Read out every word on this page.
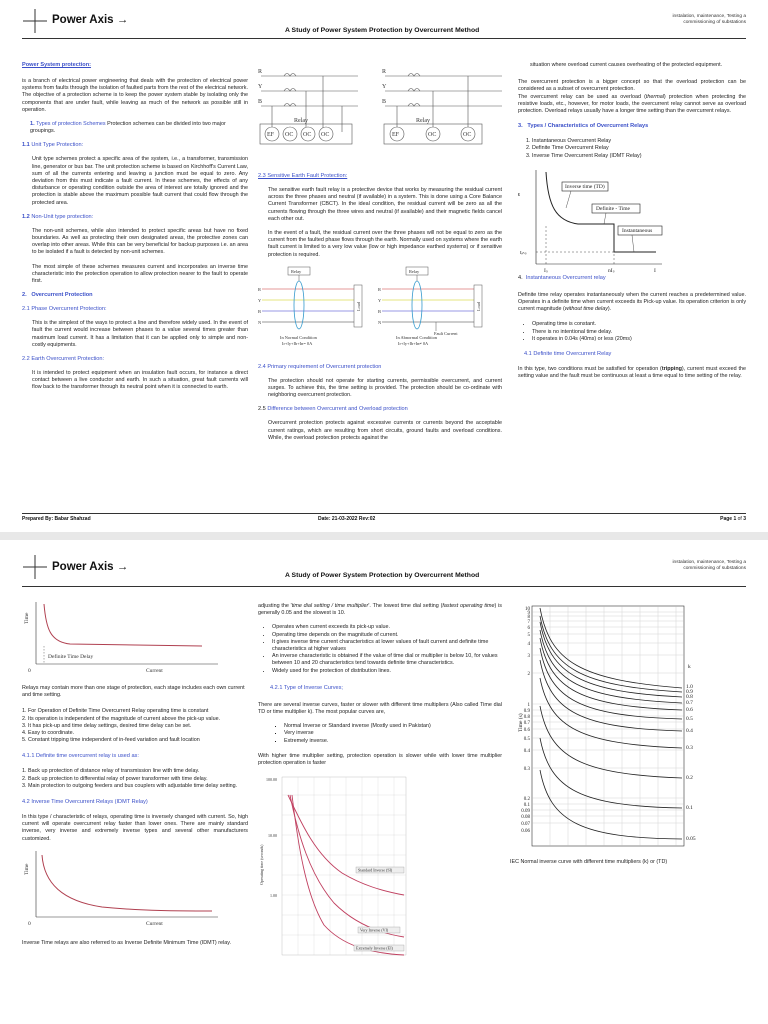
Power Axis →
A Study of Power System Protection by Overcurrent Method
instalation, maintenance, Testing a
commissioning of substations

Power System protection:

is a branch of electrical power engineering that deals with the protection of electrical power systems from faults through the isolation of faulted parts from the rest of the electrical network. The objective of a protection scheme is to keep the power system stable by isolating only the components that are under fault, while leaving as much of the network as possible still in operation.

1. Types of protection Schemes Protection schemes can be divided into two major groupings.

1.1 Unit Type Protection:

Unit type schemes protect a specific area of the system, i.e., a transformer, transmission line, generator or bus bar. The unit protection scheme is based on Kirchhoff's Current Law, sum of all the currents entering and leaving a junction must be equal to zero. Any deviation from this must indicate a fault current. In these schemes, the effects of any disturbance or operating condition outside the area of interest are totally ignored and the protection is stable above the maximum possible fault current that could flow through the protected area.

1.2 Non-Unit type protection:

The non-unit schemes, while also intended to protect specific areas but have no fixed boundaries. As well as protecting their own designated areas, the protective zones can overlap into other areas. While this can be very beneficial for backup purposes i.e. an area to be isolated if a fault is detected by non-unit schemes.

The most simple of these schemes measures current and incorporates an inverse time characteristic into the protection operation to allow protection nearer to the fault to operate first.

2. Overcurrent Protection

2.1 Phase Overcurrent Protection:

This is the simplest of the ways to protect a line and therefore widely used. In the event of fault the current would increase between phases to a value several times greater than maximum load current. It has a limitation that it can be applied only to simple and non-costly equipments.

2.2 Earth Overcurrent Protection:

It is intended to protect equipment when an insulation fault occurs, for instance a direct contact between a live conductor and earth. In such a situation, great fault currents will flow back to the transformer through its neutral point when it is connected to earth.

R
Y
B
Relay
EF OC OC OC
R
Y
B
Relay
EF	OC	OC

2.3 Sensitive Earth Fault Protection:

The sensitive earth fault relay is a protective device that works by measuring the residual current across the three phases and neutral (if available) in a system. This is done using a Core Balance Current Transformer (CBCT). In the ideal condition, the residual current will be zero as all the currents flowing through the three wires and neutral (if available) and their magnetic fields cancel each other out.

In the event of a fault, the residual current over the three phases will not be equal to zero as the current from the faulted phase flows through the earth. Normally used on systems where the earth fault current is limited to a very low value (low or high impedance earthed systems) or if sensitive protection is required.

Relay	Relay
R
Y
B
N
Load
R
Y
B
N
Fault Current
Load
In Normal Condition
Ir+Iy+Ib+In= 0A
In Abnormal Condition
Ir+Iy+Ib+In≠ 0A

2.4 Primary requirement of Overcurrent protection

The protection should not operate for starting currents, permissible overcurrent, and current surges. To achieve this, the time setting is provided. The protection should be co-ordinate with neighboring overcurrent protection.

2.5 Difference between Overcurrent and Overload protection

Overcurrent protection protects against excessive currents or currents beyond the acceptable current ratings, which are resulting from short circuits, ground faults and overload conditions. While, the overload protection protects against the

situation where overload current causes overheating of the protected equipment.

The overcurrent protection is a bigger concept so that the overload protection can be considered as a subset of overcurrent protection.

The overcurrent relay can be used as overload (thermal) protection when protecting the resistive loads, etc., however, for motor loads, the overcurrent relay cannot serve as overload protection. Overload relays usually have a longer time setting than the overcurrent relays.

3. Types / Characteristics of Overcurrent Relays

1. Instantaneous Overcurrent Relay
2. Definite Time Overcurrent Relay
3. Inverse Time Overcurrent Relay (IDMT Relay)
t
Inverse time (TD)
Definite - Time
Instantaneous
tᵢₙₛ
Iₛ	nIₛ	I

4. Instantaneous Overcurrent relay

Definite time relay operates instantaneously when the current reaches a predetermined value. Operates in a definite time when current exceeds its Pick-up value. Its operation criterion is only current magnitude (without time delay).

• Operating time is constant.
• There is no intentional time delay.
• It operates in 0.04s (40ms) or less (20ms)

4.1 Definite time Overcurrent Relay

In this type, two conditions must be satisfied for operation (tripping), current must exceed the setting value and the fault must be continuous at least a time equal to time setting of the relay.

Prepared By: Babar Shahzad	Date: 21-03-2022 Rev:02	Page 1 of 3
Power Axis →
A Study of Power System Protection by Overcurrent Method
instalation, maintenance, Testing a
commissioning of substations
Time
0
Definite Time Delay
Current

Relays may contain more than one stage of protection, each stage includes each own current and time setting.

1. For Operation of Definite Time Overcurrent Relay operating time is constant

2. Its operation is independent of the magnitude of current above the pick-up value.

3. It has pick-up and time delay settings, desired time delay can be set.

4. Easy to coordinate.

5. Constant tripping time independent of in-feed variation and fault location

4.1.1 Definite time overcurrent relay is used as:

1. Back up protection of distance relay of transmission line with time delay.

2. Back up protection to differential relay of power transformer with time delay.

3. Main protection to outgoing feeders and bus couplers with adjustable time delay setting.

4.2 Inverse Time Overcurrent Relays (IDMT Relay)

In this type / characteristic of relays, operating time is inversely changed with current. So, high current will operate overcurrent relay faster than lower ones. There are mainly standard inverse, very inverse and extremely inverse types and several other manufacturers customized.

Time
0	Current

Inverse Time relays are also referred to as Inverse Definite Minimum Time (IDMT) relay.

adjusting the 'time dial setting / time multiplier'. The lowest time dial setting (fastest operating time) is generally 0.05 and the slowest is 10.

• Operates when current exceeds its pick-up value.
• Operating time depends on the magnitude of current.
• It gives inverse time current characteristics at lower values of fault current and definite time characteristics at higher values
• An inverse characteristic is obtained if the value of time dial or multiplier is below 10, for values between 10 and 20 characteristics tend towards definite time characteristics.
• Widely used for the protection of distribution lines.

4.2.1 Type of Inverse Curves;

There are several inverse curves, faster or slower with different time multipliers (Also called Time dial TD or time multiplier k). The most popular curves are,

▪ Normal Inverse or Standard inverse (Mostly used in Pakistan)
▪ Very inverse
▪ Extremely inverse.

With higher time multiplier setting, protection operation is slower while with lower time multiplier protection operation is faster

100.00
10.00
1.00
Operating time (seconds)	Standard Inverse (SI)
Very Inverse (VI)
Extremely Inverse (EI)
10
9
8
7
6
5
4
3
2
1
0.9
0.8
0.7
0.6
0.5
0.4
0.3
0.2
0.1
0.09
0.08
0.07
0.06
Time (s)
k
1.0
0.9
0.8
0.7
0.6
0.5
0.4
0.3
0.2
0.1
0.05

IEC Normal inverse curve with different time multipliers (k) or (TD)
